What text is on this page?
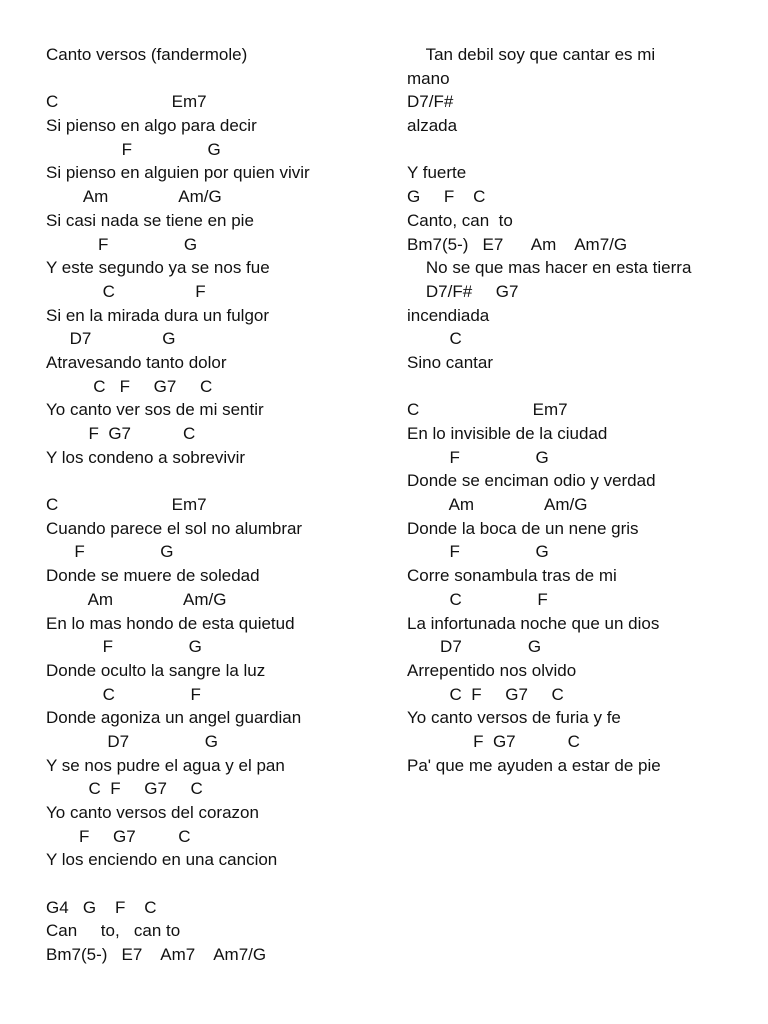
Canto versos (fandermole)
C                        Em7
Si pienso en algo para decir
F                G
Si pienso en alguien por quien vivir
Am               Am/G
Si casi nada se tiene en pie
F                G
Y este segundo ya se nos fue
C                 F
Si en la mirada dura un fulgor
D7               G
Atravesando tanto dolor
C   F     G7     C
Yo canto ver sos de mi sentir
F  G7           C
Y los condeno a sobrevivir
C                        Em7
Cuando parece el sol no alumbrar
F                G
Donde se muere de soledad
Am               Am/G
En lo mas hondo de esta quietud
F                G
Donde oculto la sangre la luz
C                F
Donde agoniza un angel guardian
D7                G
Y se nos pudre el agua y el pan
C  F     G7     C
Yo canto versos del corazon
F     G7         C
Y los enciendo en una cancion
G4   G    F    C
Can     to,   can to
Bm7(5-)   E7    Am7    Am7/G
Tan debil soy que cantar es mi
mano
D7/F#
alzada
Y fuerte
G     F    C
Canto, can  to
Bm7(5-)   E7      Am    Am7/G
No se que mas hacer en esta tierra
D7/F#     G7
incendiada
C
Sino cantar
C                        Em7
En lo invisible de la ciudad
F                G
Donde se enciman odio y verdad
Am               Am/G
Donde la boca de un nene gris
F                G
Corre sonambula tras de mi
C                F
La infortunada noche que un dios
D7              G
Arrepentido nos olvido
C  F     G7     C
Yo canto versos de furia y fe
F  G7           C
Pa' que me ayuden a estar de pie
